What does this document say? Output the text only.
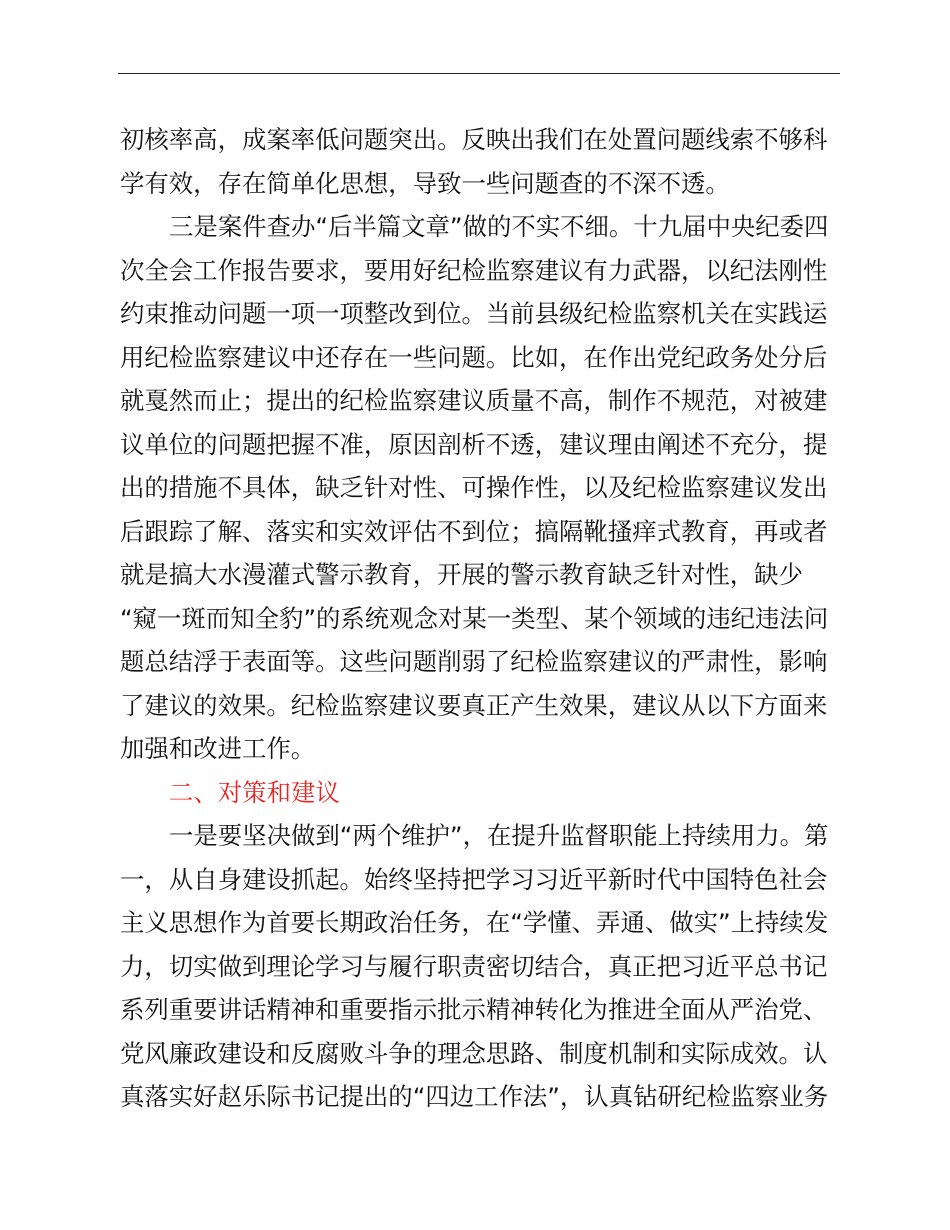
初核率高，成案率低问题突出。反映出我们在处置问题线索不够科
学有效，存在简单化思想，导致一些问题查的不深不透。
三是案件查办“后半篇文章”做的不实不细。十九届中央纪委四
次全会工作报告要求，要用好纪检监察建议有力武器，以纪法刚性
约束推动问题一项一项整改到位。当前县级纪检监察机关在实践运
用纪检监察建议中还存在一些问题。比如，在作出党纪政务处分后
就戛然而止；提出的纪检监察建议质量不高，制作不规范，对被建
议单位的问题把握不准，原因剖析不透，建议理由阐述不充分，提
出的措施不具体，缺乏针对性、可操作性，以及纪检监察建议发出
后跟踪了解、落实和实效评估不到位；搞隔靴搔痒式教育，再或者
就是搞大水漫灌式警示教育，开展的警示教育缺乏针对性，缺少
“窥一斑而知全豹”的系统观念对某一类型、某个领域的违纪违法问
题总结浮于表面等。这些问题削弱了纪检监察建议的严肃性，影响
了建议的效果。纪检监察建议要真正产生效果，建议从以下方面来
加强和改进工作。
二、对策和建议
一是要坚决做到“两个维护”，在提升监督职能上持续用力。第
一，从自身建设抓起。始终坚持把学习习近平新时代中国特色社会
主义思想作为首要长期政治任务，在“学懂、弄通、做实”上持续发
力，切实做到理论学习与履行职责密切结合，真正把习近平总书记
系列重要讲话精神和重要指示批示精神转化为推进全面从严治党、
党风廉政建设和反腐败斗争的理念思路、制度机制和实际成效。认
真落实好赵乐际书记提出的“四边工作法”，认真钻研纪检监察业务
